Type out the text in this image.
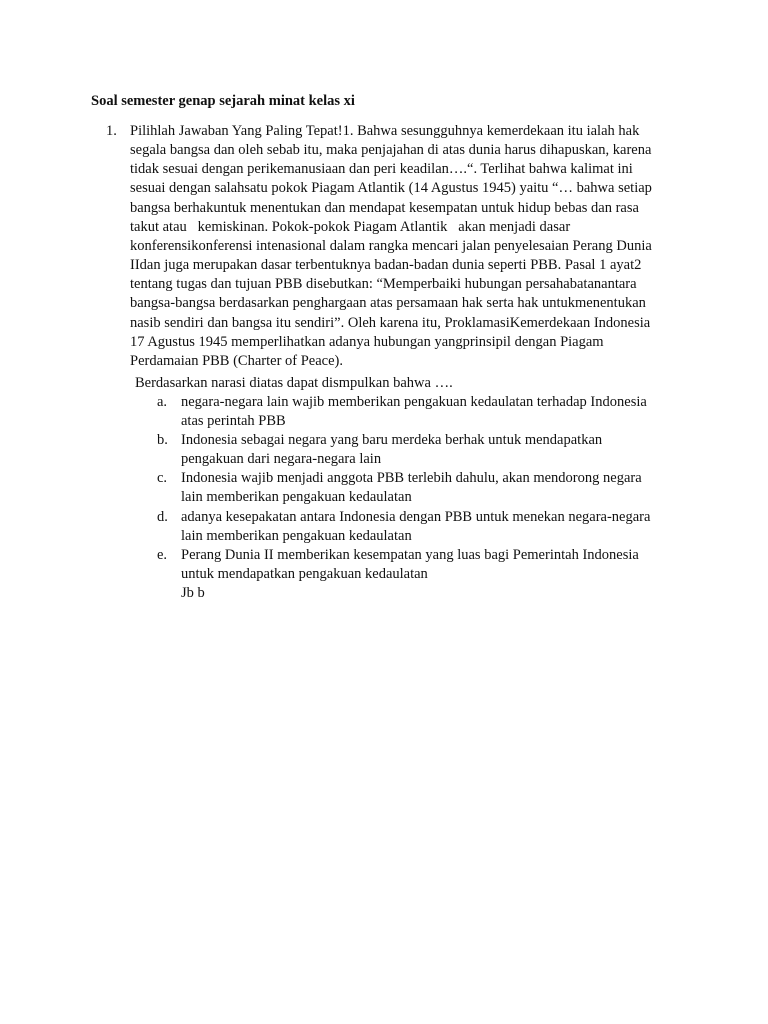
Soal semester genap sejarah minat kelas xi
1. Pilihlah Jawaban Yang Paling Tepat!1. Bahwa sesungguhnya kemerdekaan itu ialah hak
segala bangsa dan oleh sebab itu, maka penjajahan di atas dunia harus dihapuskan, karena
tidak sesuai dengan perikemanusiaan dan peri keadilan….“. Terlihat bahwa kalimat ini
sesuai dengan salahsatu pokok Piagam Atlantik (14 Agustus 1945) yaitu “… bahwa setiap
bangsa berhakuntuk menentukan dan mendapat kesempatan untuk hidup bebas dan rasa
takut atau   kemiskinan. Pokok-pokok Piagam Atlantik   akan menjadi dasar
konferensikonferensi intenasional dalam rangka mencari jalan penyelesaian Perang Dunia
IIdan juga merupakan dasar terbentuknya badan-badan dunia seperti PBB. Pasal 1 ayat2
tentang tugas dan tujuan PBB disebutkan: “Memperbaiki hubungan persahabatanantara
bangsa-bangsa berdasarkan penghargaan atas persamaan hak serta hak untukmenentukan
nasib sendiri dan bangsa itu sendiri”. Oleh karena itu, ProklamasiKemerdekaan Indonesia
17 Agustus 1945 memperlihatkan adanya hubungan yangprinsipil dengan Piagam
Perdamaian PBB (Charter of Peace).
Berdasarkan narasi diatas dapat dismpulkan bahwa ….
a. negara-negara lain wajib memberikan pengakuan kedaulatan terhadap Indonesia
atas perintah PBB
b. Indonesia sebagai negara yang baru merdeka berhak untuk mendapatkan
pengakuan dari negara-negara lain
c. Indonesia wajib menjadi anggota PBB terlebih dahulu, akan mendorong negara
lain memberikan pengakuan kedaulatan
d. adanya kesepakatan antara Indonesia dengan PBB untuk menekan negara-negara
lain memberikan pengakuan kedaulatan
e. Perang Dunia II memberikan kesempatan yang luas bagi Pemerintah Indonesia
untuk mendapatkan pengakuan kedaulatan
Jb b
